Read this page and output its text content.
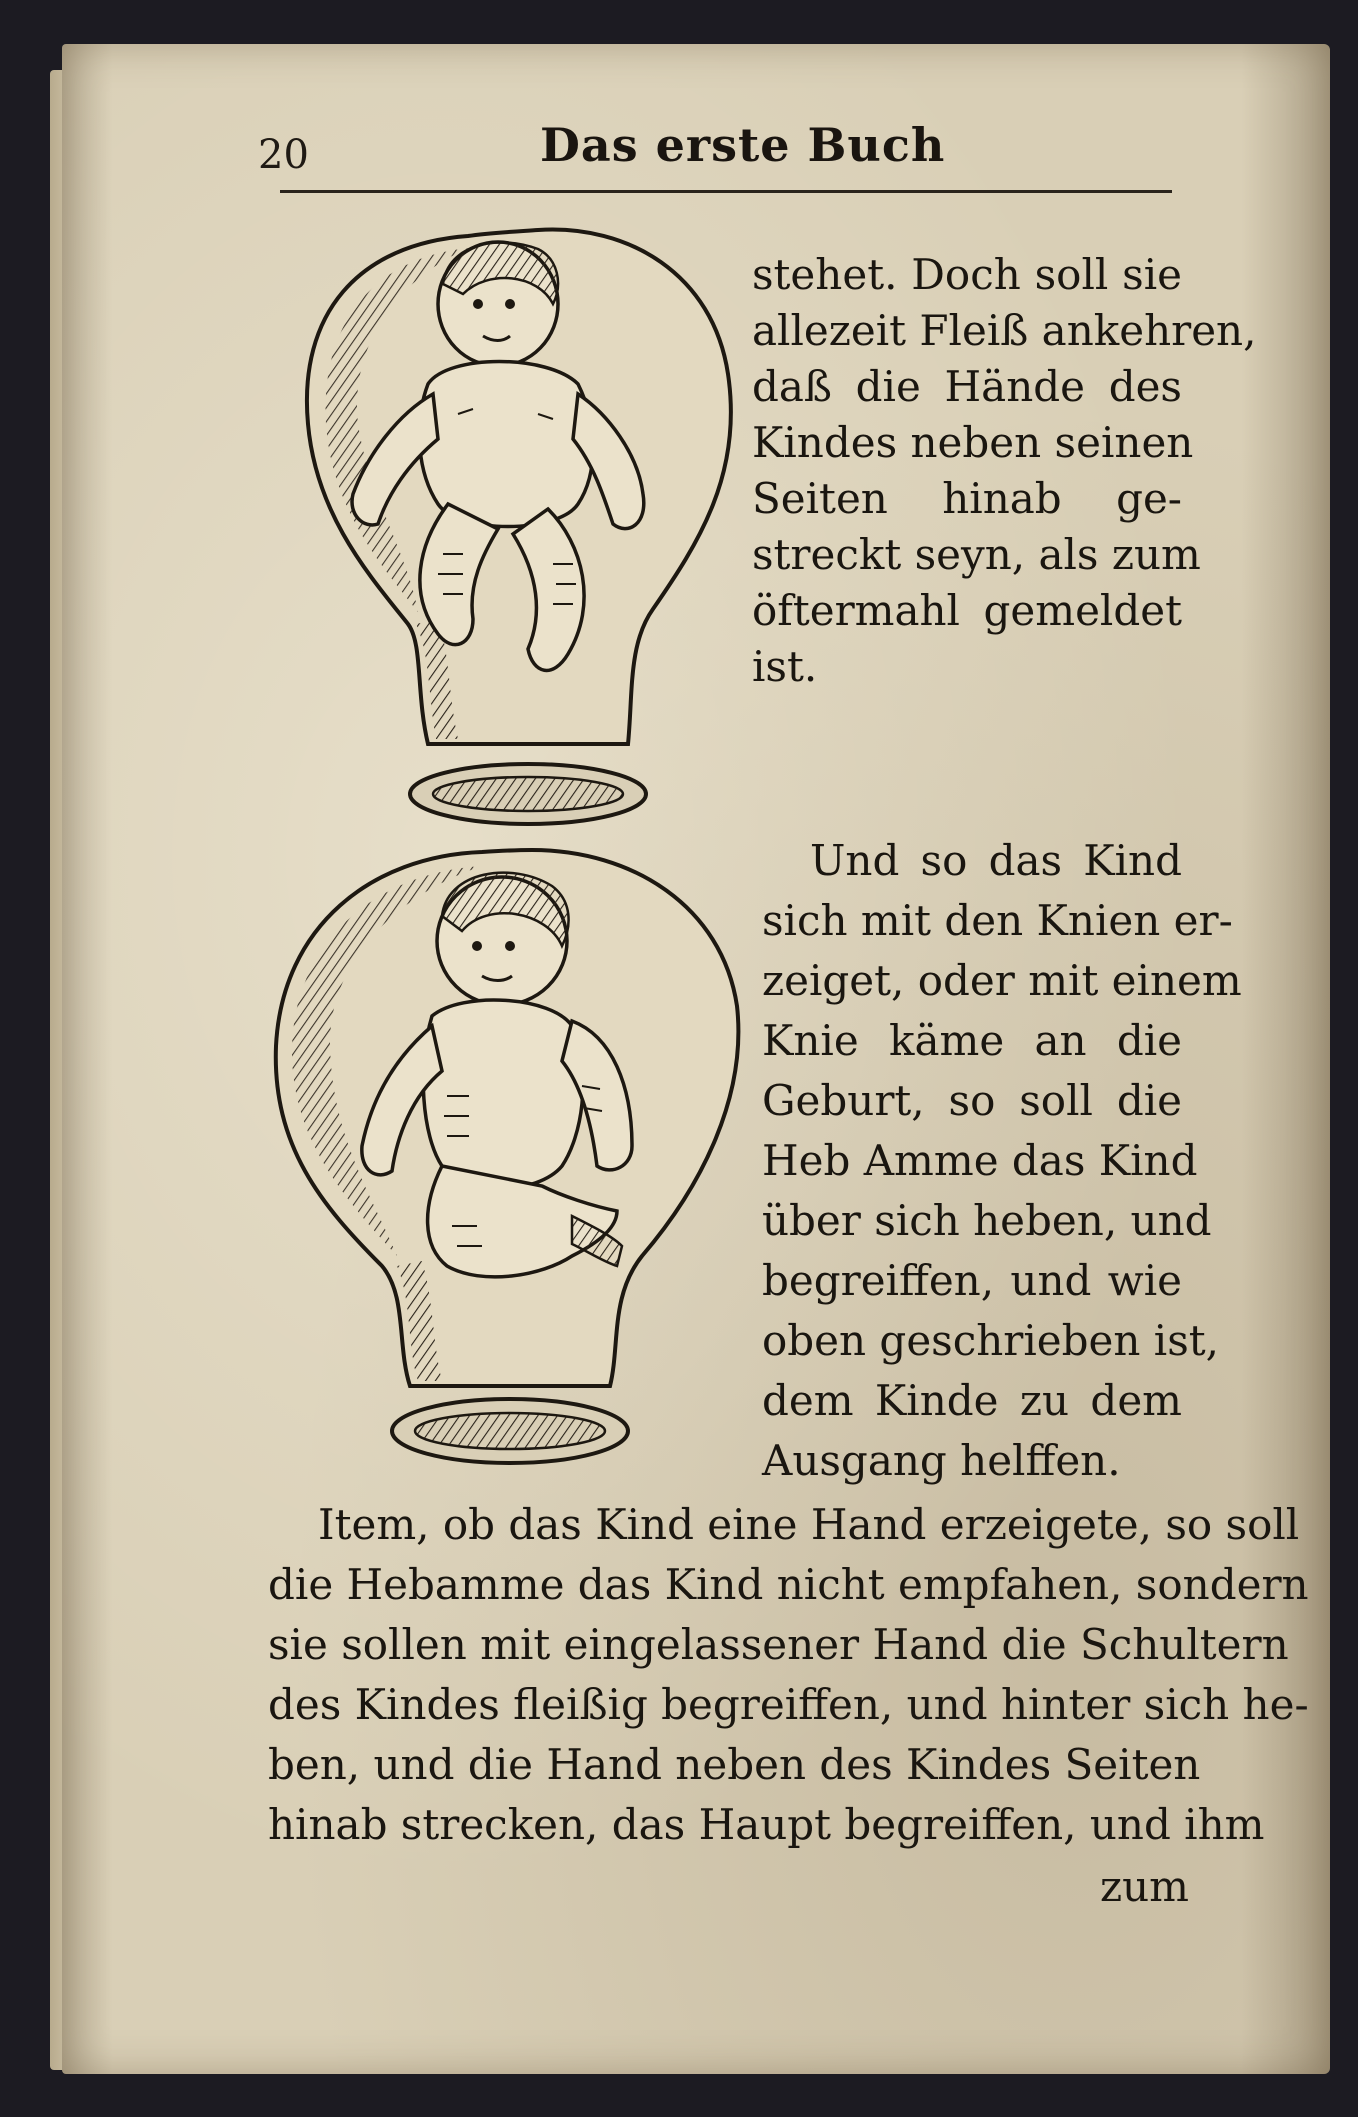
20	Das erste Buch
stehet. Doch soll sie
allezeit Fleiß ankehren,
daß die Hände des
Kindes neben seinen
Seiten hinab ge-
streckt seyn, als zum
öftermahl gemeldet
ist.
Und so das Kind
sich mit den Knien er-
zeiget, oder mit einem
Knie käme an die
Geburt, so soll die
Heb Amme das Kind
über sich heben, und
begreiffen, und wie
oben geschrieben ist,
dem Kinde zu dem
Ausgang helffen.
Item, ob das Kind eine Hand erzeigete, so soll
die Hebamme das Kind nicht empfahen, sondern
sie sollen mit eingelassener Hand die Schultern
des Kindes fleißig begreiffen, und hinter sich he-
ben, und die Hand neben des Kindes Seiten
hinab strecken, das Haupt begreiffen, und ihm
zum
